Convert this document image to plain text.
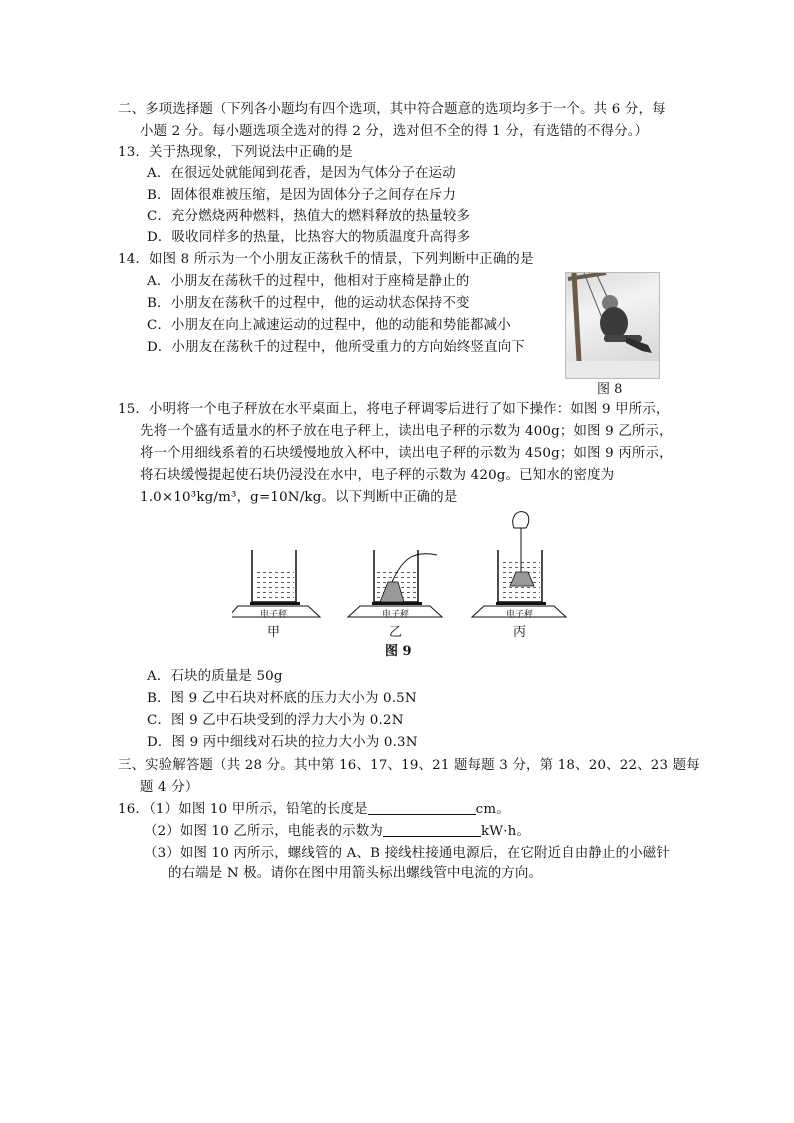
二、多项选择题（下列各小题均有四个选项，其中符合题意的选项均多于一个。共 6 分，每
小题 2 分。每小题选项全选对的得 2 分，选对但不全的得 1 分，有选错的不得分。）
13．关于热现象，下列说法中正确的是
A．在很远处就能闻到花香，是因为气体分子在运动
B．固体很难被压缩，是因为固体分子之间存在斥力
C．充分燃烧两种燃料，热值大的燃料释放的热量较多
D．吸收同样多的热量，比热容大的物质温度升高得多
14．如图 8 所示为一个小朋友正荡秋千的情景，下列判断中正确的是
A．小朋友在荡秋千的过程中，他相对于座椅是静止的
B．小朋友在荡秋千的过程中，他的运动状态保持不变
C．小朋友在向上减速运动的过程中，他的动能和势能都减小
D．小朋友在荡秋千的过程中，他所受重力的方向始终竖直向下
图 8
15．小明将一个电子秤放在水平桌面上，将电子秤调零后进行了如下操作：如图 9 甲所示，
先将一个盛有适量水的杯子放在电子秤上，读出电子秤的示数为 400g；如图 9 乙所示，
将一个用细线系着的石块缓慢地放入杯中，读出电子秤的示数为 450g；如图 9 丙所示，
将石块缓慢提起使石块仍浸没在水中，电子秤的示数为 420g。已知水的密度为
1.0×10³kg/m³，g=10N/kg。以下判断中正确的是
电子秤	电子秤	电子秤
甲	乙	丙
图 9
A．石块的质量是 50g
B．图 9 乙中石块对杯底的压力大小为 0.5N
C．图 9 乙中石块受到的浮力大小为 0.2N
D．图 9 丙中细线对石块的拉力大小为 0.3N
三、实验解答题（共 28 分。其中第 16、17、19、21 题每题 3 分，第 18、20、22、23 题每
题 4 分）
16．（1）如图 10 甲所示，铅笔的长度是	cm。
（2）如图 10 乙所示，电能表的示数为	kW·h。
（3）如图 10 丙所示，螺线管的 A、B 接线柱接通电源后，在它附近自由静止的小磁针
的右端是 N 极。请你在图中用箭头标出螺线管中电流的方向。
